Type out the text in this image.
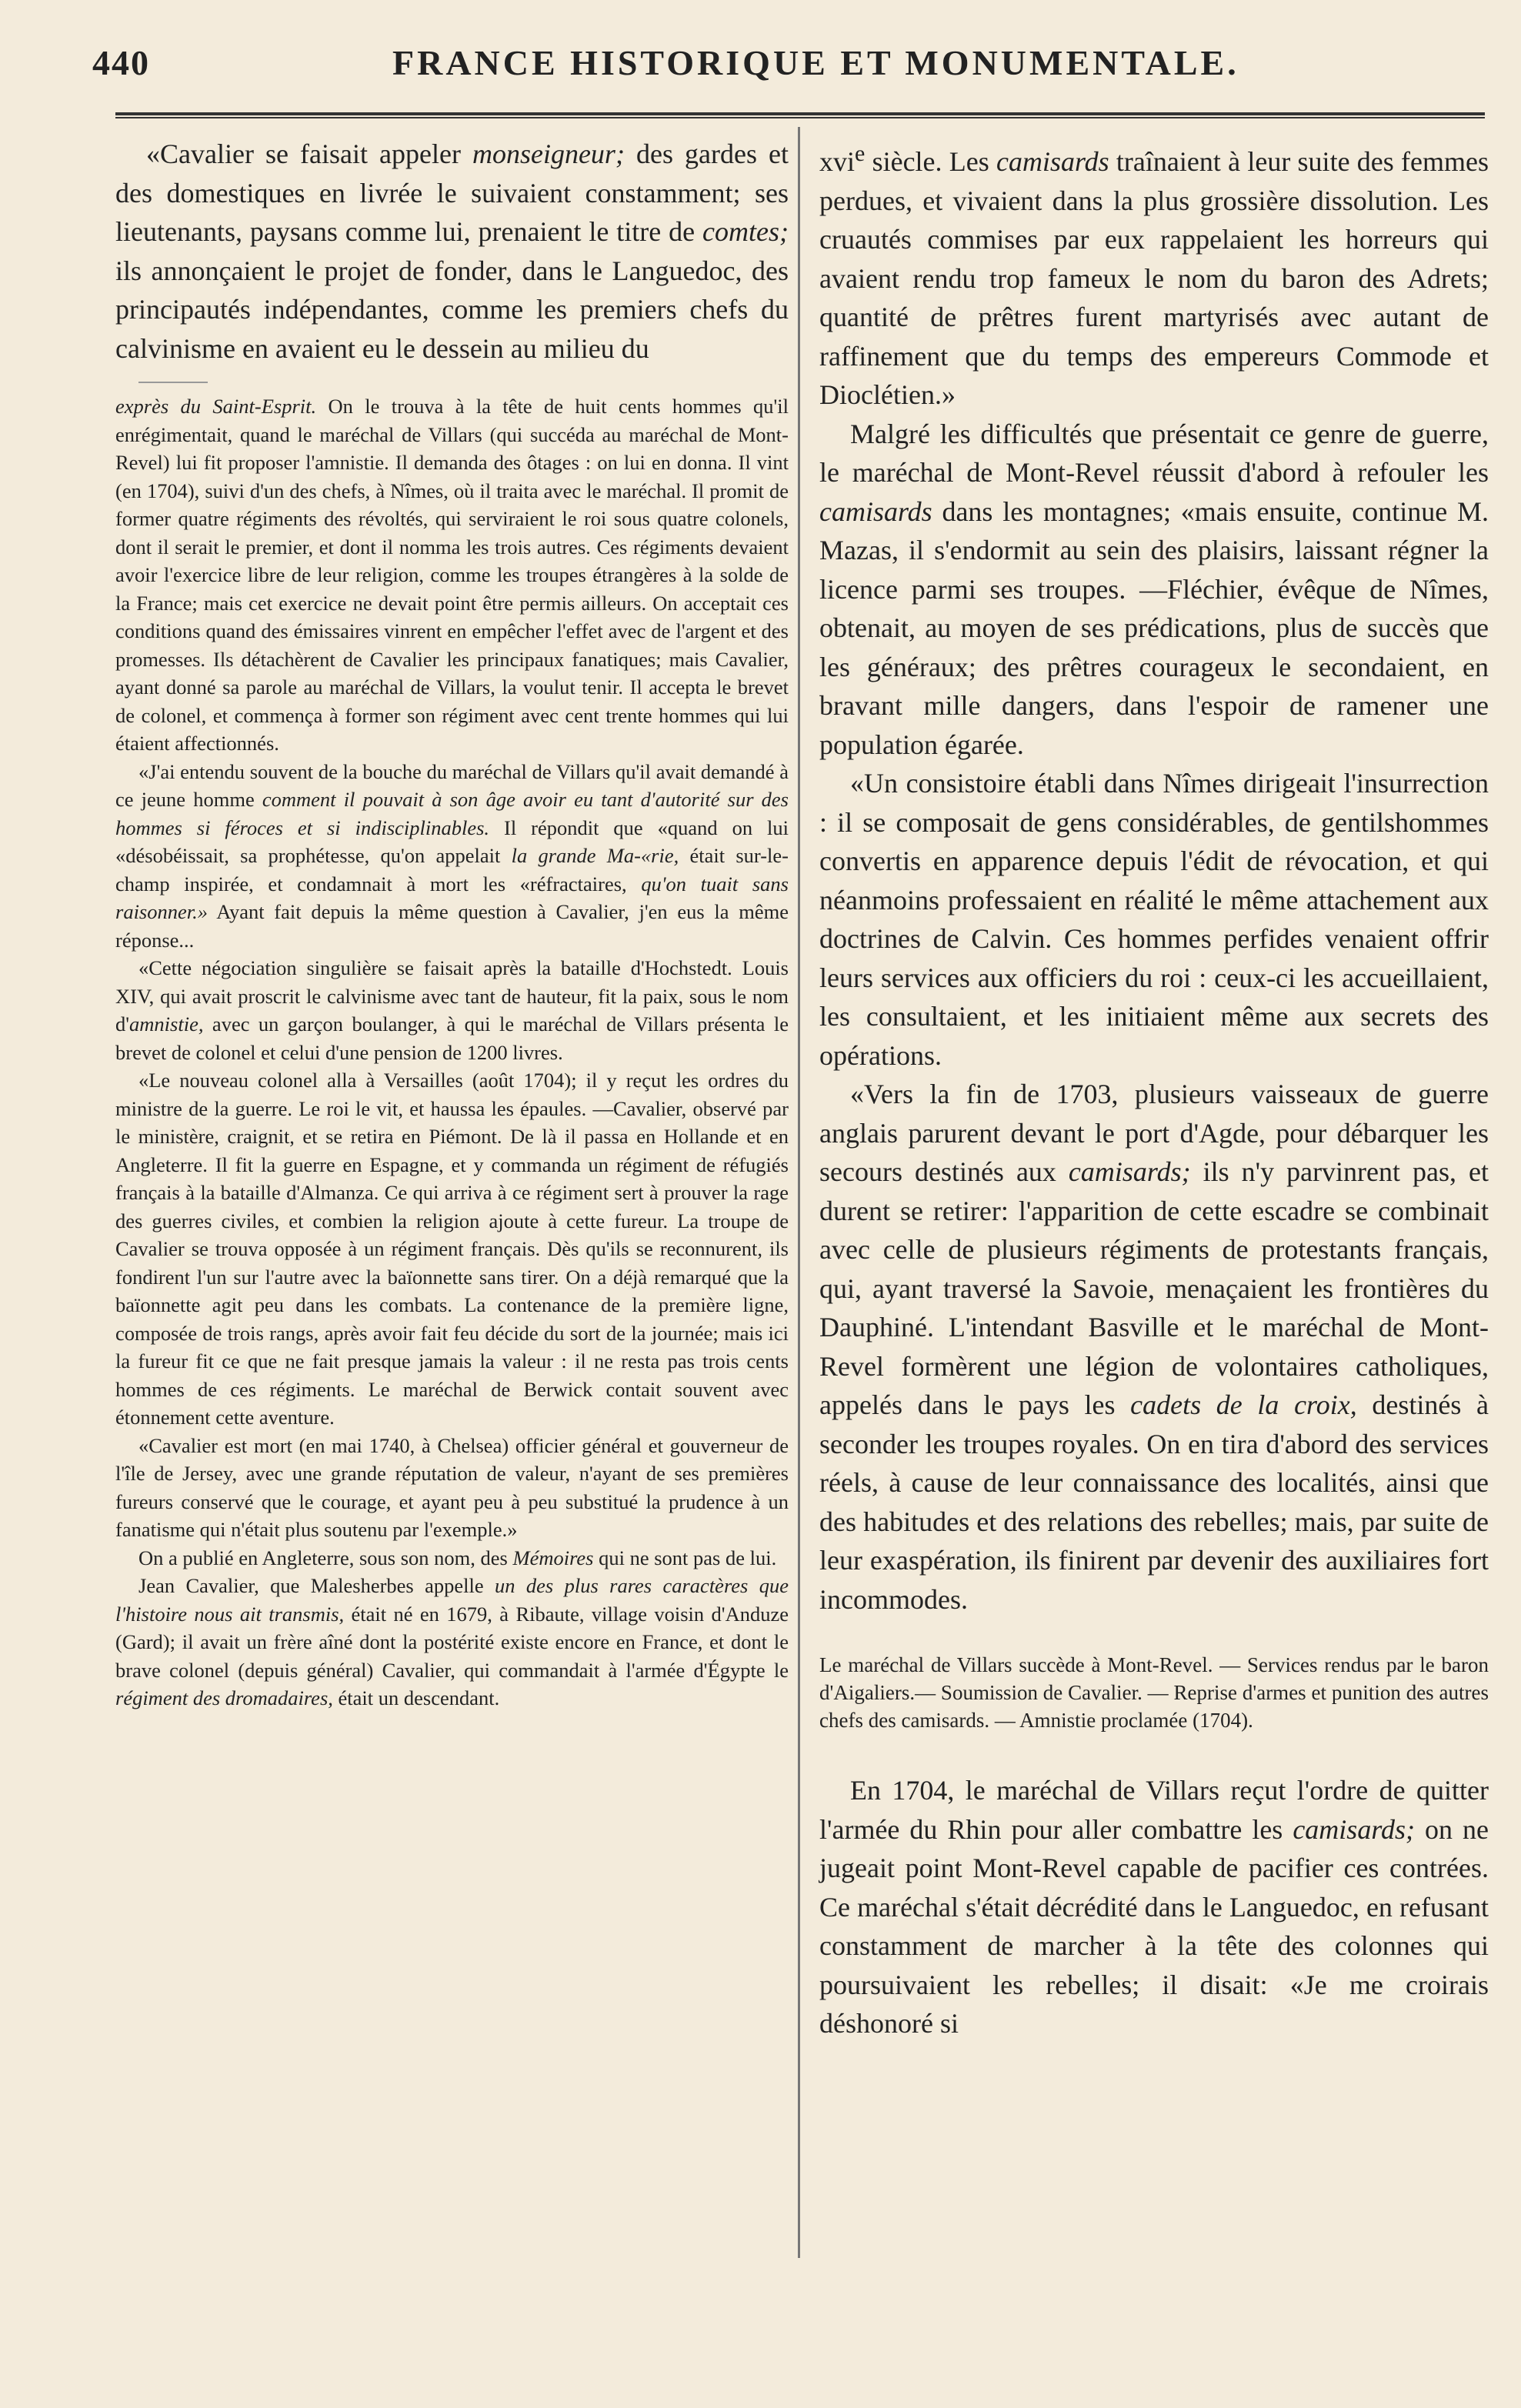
440	FRANCE HISTORIQUE ET MONUMENTALE.

«Cavalier se faisait appeler monseigneur; des gardes et des domestiques en livrée le suivaient constamment; ses lieutenants, paysans comme lui, prenaient le titre de comtes; ils annonçaient le projet de fonder, dans le Languedoc, des principautés indépendantes, comme les premiers chefs du calvinisme en avaient eu le dessein au milieu du

exprès du Saint-Esprit. On le trouva à la tête de huit cents hommes qu'il enrégimentait, quand le maréchal de Villars (qui succéda au maréchal de Mont-Revel) lui fit proposer l'amnistie. Il demanda des ôtages : on lui en donna. Il vint (en 1704), suivi d'un des chefs, à Nîmes, où il traita avec le maréchal. Il promit de former quatre régiments des révoltés, qui serviraient le roi sous quatre colonels, dont il serait le premier, et dont il nomma les trois autres. Ces régiments devaient avoir l'exercice libre de leur religion, comme les troupes étrangères à la solde de la France; mais cet exercice ne devait point être permis ailleurs. On acceptait ces conditions quand des émissaires vinrent en empêcher l'effet avec de l'argent et des promesses. Ils détachèrent de Cavalier les principaux fanatiques; mais Cavalier, ayant donné sa parole au maréchal de Villars, la voulut tenir. Il accepta le brevet de colonel, et commença à former son régiment avec cent trente hommes qui lui étaient affectionnés.

«J'ai entendu souvent de la bouche du maréchal de Villars qu'il avait demandé à ce jeune homme comment il pouvait à son âge avoir eu tant d'autorité sur des hommes si féroces et si indisciplinables. Il répondit que «quand on lui «désobéissait, sa prophétesse, qu'on appelait la grande Ma-«rie, était sur-le-champ inspirée, et condamnait à mort les «réfractaires, qu'on tuait sans raisonner.» Ayant fait depuis la même question à Cavalier, j'en eus la même réponse...

«Cette négociation singulière se faisait après la bataille d'Hochstedt. Louis XIV, qui avait proscrit le calvinisme avec tant de hauteur, fit la paix, sous le nom d'amnistie, avec un garçon boulanger, à qui le maréchal de Villars présenta le brevet de colonel et celui d'une pension de 1200 livres.

«Le nouveau colonel alla à Versailles (août 1704); il y reçut les ordres du ministre de la guerre. Le roi le vit, et haussa les épaules. —Cavalier, observé par le ministère, craignit, et se retira en Piémont. De là il passa en Hollande et en Angleterre. Il fit la guerre en Espagne, et y commanda un régiment de réfugiés français à la bataille d'Almanza. Ce qui arriva à ce régiment sert à prouver la rage des guerres civiles, et combien la religion ajoute à cette fureur. La troupe de Cavalier se trouva opposée à un régiment français. Dès qu'ils se reconnurent, ils fondirent l'un sur l'autre avec la baïonnette sans tirer. On a déjà remarqué que la baïonnette agit peu dans les combats. La contenance de la première ligne, composée de trois rangs, après avoir fait feu décide du sort de la journée; mais ici la fureur fit ce que ne fait presque jamais la valeur : il ne resta pas trois cents hommes de ces régiments. Le maréchal de Berwick contait souvent avec étonnement cette aventure.

«Cavalier est mort (en mai 1740, à Chelsea) officier général et gouverneur de l'île de Jersey, avec une grande réputation de valeur, n'ayant de ses premières fureurs conservé que le courage, et ayant peu à peu substitué la prudence à un fanatisme qui n'était plus soutenu par l'exemple.»

On a publié en Angleterre, sous son nom, des Mémoires qui ne sont pas de lui.

Jean Cavalier, que Malesherbes appelle un des plus rares caractères que l'histoire nous ait transmis, était né en 1679, à Ribaute, village voisin d'Anduze (Gard); il avait un frère aîné dont la postérité existe encore en France, et dont le brave colonel (depuis général) Cavalier, qui commandait à l'armée d'Égypte le régiment des dromadaires, était un descendant.

xvi$^e$ siècle. Les camisards traînaient à leur suite des femmes perdues, et vivaient dans la plus grossière dissolution. Les cruautés commises par eux rappelaient les horreurs qui avaient rendu trop fameux le nom du baron des Adrets; quantité de prêtres furent martyrisés avec autant de raffinement que du temps des empereurs Commode et Dioclétien.»

Malgré les difficultés que présentait ce genre de guerre, le maréchal de Mont-Revel réussit d'abord à refouler les camisards dans les montagnes; «mais ensuite, continue M. Mazas, il s'endormit au sein des plaisirs, laissant régner la licence parmi ses troupes. —Fléchier, évêque de Nîmes, obtenait, au moyen de ses prédications, plus de succès que les généraux; des prêtres courageux le secondaient, en bravant mille dangers, dans l'espoir de ramener une population égarée.

«Un consistoire établi dans Nîmes dirigeait l'insurrection : il se composait de gens considérables, de gentilshommes convertis en apparence depuis l'édit de révocation, et qui néanmoins professaient en réalité le même attachement aux doctrines de Calvin. Ces hommes perfides venaient offrir leurs services aux officiers du roi : ceux-ci les accueillaient, les consultaient, et les initiaient même aux secrets des opérations.

«Vers la fin de 1703, plusieurs vaisseaux de guerre anglais parurent devant le port d'Agde, pour débarquer les secours destinés aux camisards; ils n'y parvinrent pas, et durent se retirer: l'apparition de cette escadre se combinait avec celle de plusieurs régiments de protestants français, qui, ayant traversé la Savoie, menaçaient les frontières du Dauphiné. L'intendant Basville et le maréchal de Mont-Revel formèrent une légion de volontaires catholiques, appelés dans le pays les cadets de la croix, destinés à seconder les troupes royales. On en tira d'abord des services réels, à cause de leur connaissance des localités, ainsi que des habitudes et des relations des rebelles; mais, par suite de leur exaspération, ils finirent par devenir des auxiliaires fort incommodes.

Le maréchal de Villars succède à Mont-Revel. — Services rendus par le baron d'Aigaliers.— Soumission de Cavalier. — Reprise d'armes et punition des autres chefs des camisards. — Amnistie proclamée (1704).

En 1704, le maréchal de Villars reçut l'ordre de quitter l'armée du Rhin pour aller combattre les camisards; on ne jugeait point Mont-Revel capable de pacifier ces contrées. Ce maréchal s'était décrédité dans le Languedoc, en refusant constamment de marcher à la tête des colonnes qui poursuivaient les rebelles; il disait: «Je me croirais déshonoré si
